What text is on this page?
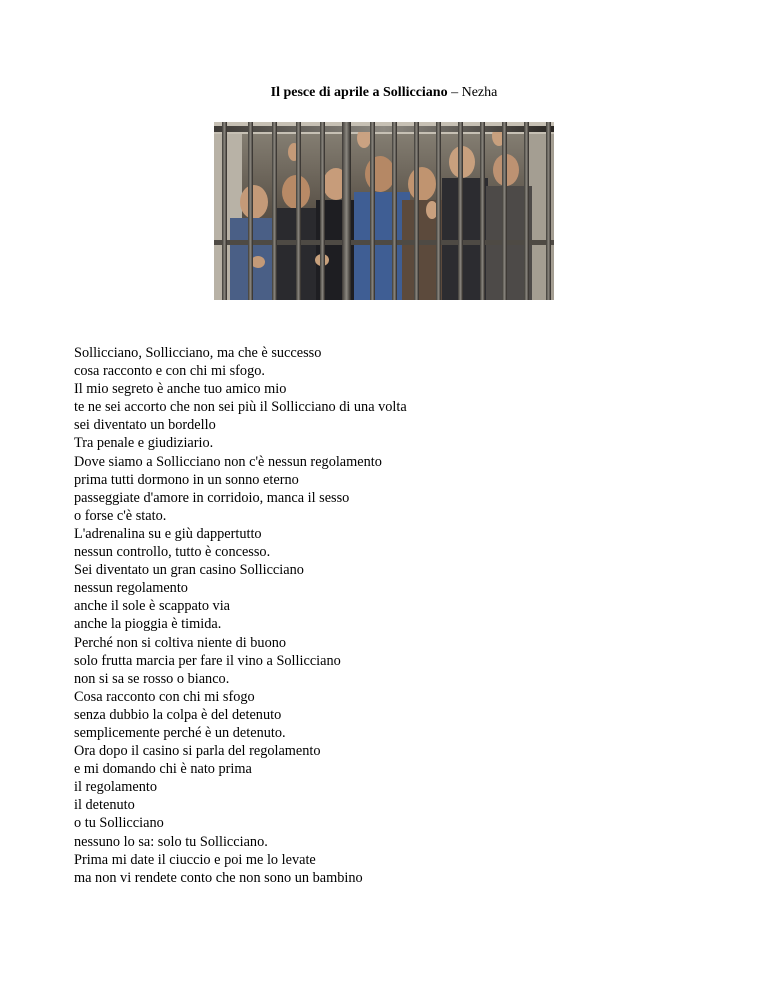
Il pesce di aprile a Sollicciano – Nezha
Sollicciano, Sollicciano, ma che è successo
cosa racconto e con chi mi sfogo.
Il mio segreto è anche tuo amico mio
te ne sei accorto che non sei più il Sollicciano di una volta
sei diventato un bordello
Tra penale e giudiziario.
Dove siamo a Sollicciano non c'è nessun regolamento
prima tutti dormono in un sonno eterno
passeggiate d'amore in corridoio, manca il sesso
o forse c'è stato.
L'adrenalina su e giù dappertutto
nessun controllo, tutto è concesso.
Sei diventato un gran casino Sollicciano
nessun regolamento
anche il sole è scappato via
anche la pioggia è timida.
Perché non si coltiva niente di buono
solo frutta marcia per fare il vino a Sollicciano
non si sa se rosso o bianco.
Cosa racconto con chi mi sfogo
senza dubbio la colpa è del detenuto
semplicemente perché è un detenuto.
Ora dopo il casino si parla del regolamento
e mi domando chi è nato prima
il regolamento
il detenuto
o tu Sollicciano
nessuno lo sa: solo tu Sollicciano.
Prima mi date il ciuccio e poi me lo levate
ma non vi rendete conto che non sono un bambino
